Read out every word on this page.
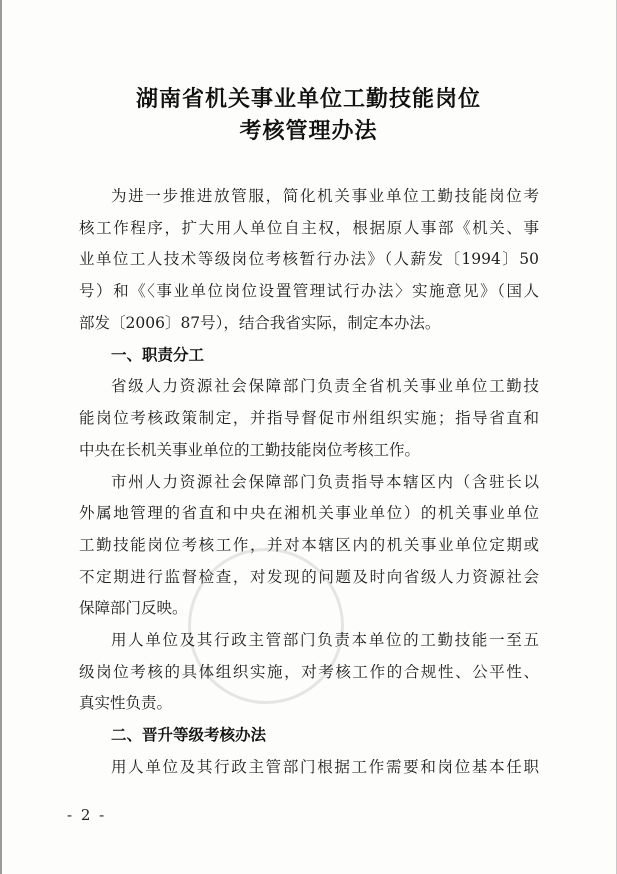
湖南省机关事业单位工勤技能岗位
考核管理办法

为进一步推进放管服，简化机关事业单位工勤技能岗位考

核工作程序，扩大用人单位自主权，根据原人事部《机关、事

业单位工人技术等级岗位考核暂行办法》（人薪发〔1994〕50

号）和《〈事业单位岗位设置管理试行办法〉实施意见》（国人

部发〔2006〕87号），结合我省实际，制定本办法。

一、职责分工

省级人力资源社会保障部门负责全省机关事业单位工勤技

能岗位考核政策制定，并指导督促市州组织实施；指导省直和

中央在长机关事业单位的工勤技能岗位考核工作。

市州人力资源社会保障部门负责指导本辖区内（含驻长以

外属地管理的省直和中央在湘机关事业单位）的机关事业单位

工勤技能岗位考核工作，并对本辖区内的机关事业单位定期或

不定期进行监督检查，对发现的问题及时向省级人力资源社会

保障部门反映。

用人单位及其行政主管部门负责本单位的工勤技能一至五

级岗位考核的具体组织实施，对考核工作的合规性、公平性、

真实性负责。

二、晋升等级考核办法

用人单位及其行政主管部门根据工作需要和岗位基本任职

- 2 -
